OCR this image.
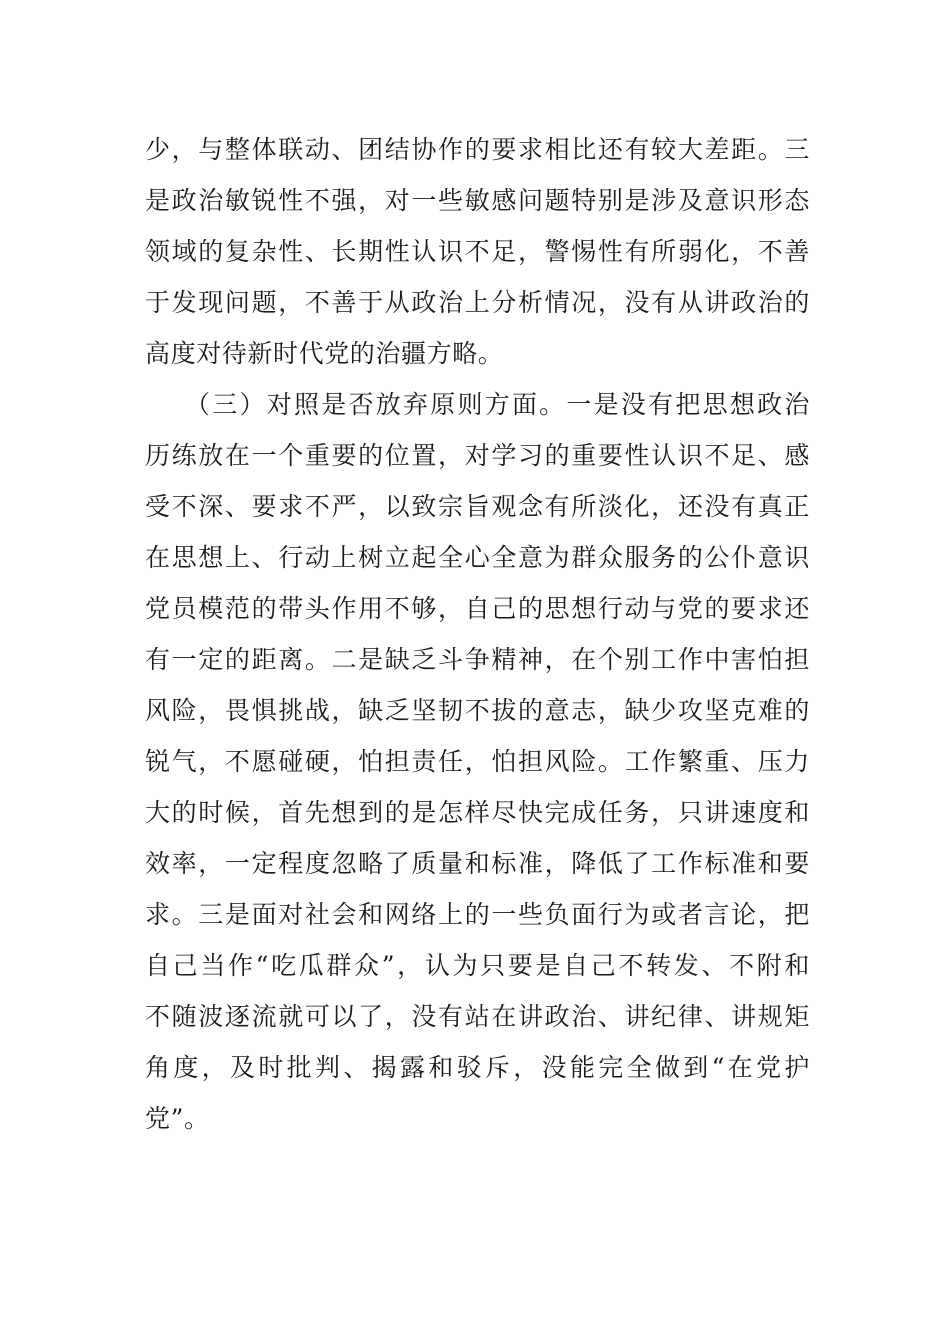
少，与整体联动、团结协作的要求相比还有较大差距。三
是政治敏锐性不强，对一些敏感问题特别是涉及意识形态
领域的复杂性、长期性认识不足，警惕性有所弱化，不善
于发现问题，不善于从政治上分析情况，没有从讲政治的
高度对待新时代党的治疆方略。
（三）对照是否放弃原则方面。一是没有把思想政治
历练放在一个重要的位置，对学习的重要性认识不足、感
受不深、要求不严，以致宗旨观念有所淡化，还没有真正
在思想上、行动上树立起全心全意为群众服务的公仆意识
党员模范的带头作用不够，自己的思想行动与党的要求还
有一定的距离。二是缺乏斗争精神，在个别工作中害怕担
风险，畏惧挑战，缺乏坚韧不拔的意志，缺少攻坚克难的
锐气，不愿碰硬，怕担责任，怕担风险。工作繁重、压力
大的时候，首先想到的是怎样尽快完成任务，只讲速度和
效率，一定程度忽略了质量和标准，降低了工作标准和要
求。三是面对社会和网络上的一些负面行为或者言论，把
自己当作“吃瓜群众”，认为只要是自己不转发、不附和
不随波逐流就可以了，没有站在讲政治、讲纪律、讲规矩
角度，及时批判、揭露和驳斥，没能完全做到“在党护
党”。
